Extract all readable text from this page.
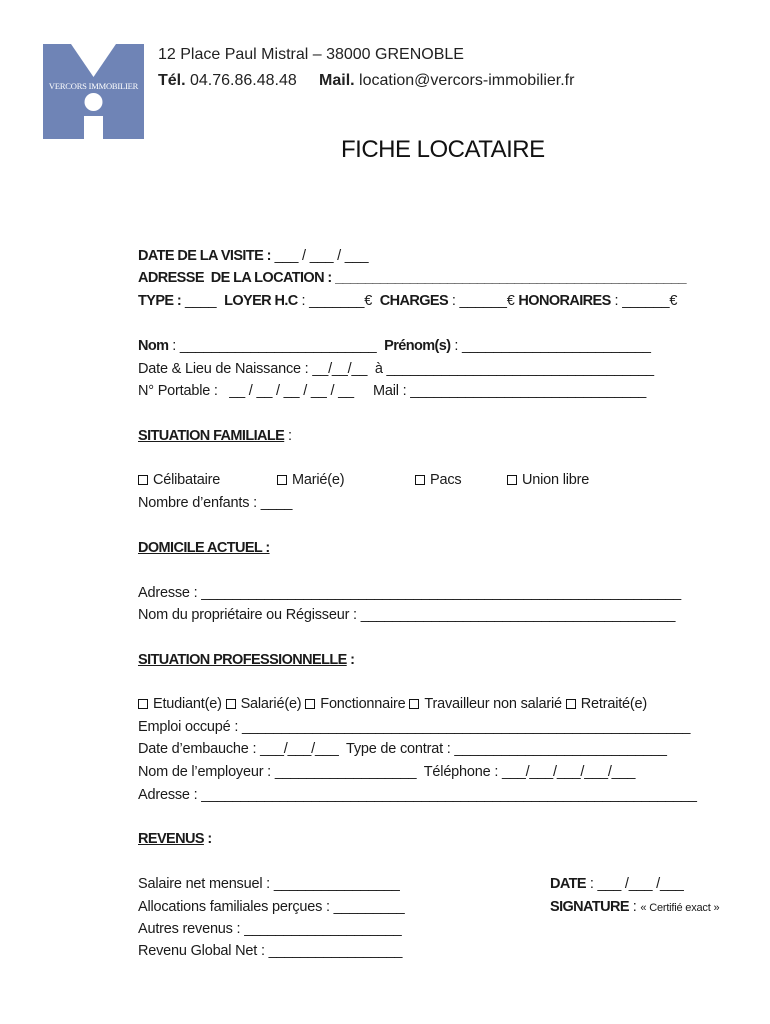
VERCORS IMMOBILIER
12 Place Paul Mistral – 38000 GRENOBLE
Tél. 04.76.86.48.48 Mail. location@vercors-immobilier.fr
FICHE LOCATAIRE
DATE DE LA VISITE : ___ / ___ / ___
ADRESSE  DE LA LOCATION : _______________________________________________
TYPE : ____  LOYER H.C : _______€  CHARGES : ______€ HONORAIRES : ______€
Nom : _________________________  Prénom(s) : ________________________
Date & Lieu de Naissance : __/__/__  à __________________________________
N° Portable :   __ / __ / __ / __ / __     Mail : ______________________________
SITUATION FAMILIALE :
Célibataire	Marié(e)	Pacs	Union libre
Nombre d’enfants : ____
DOMICILE ACTUEL :
Adresse : _____________________________________________________________
Nom du propriétaire ou Régisseur : ________________________________________
SITUATION PROFESSIONNELLE :
Etudiant(e) Salarié(e) Fonctionnaire Travailleur non salarié Retraité(e)
Emploi occupé : _________________________________________________________
Date d’embauche : ___/___/___  Type de contrat : ___________________________
Nom de l’employeur : __________________  Téléphone : ___/___/___/___/___
Adresse : _______________________________________________________________
REVENUS :
Salaire net mensuel : ________________
Allocations familiales perçues : _________
Autres revenus : ____________________
Revenu Global Net : _________________
DATE : ___ /___ /___
SIGNATURE : « Certifié exact »
